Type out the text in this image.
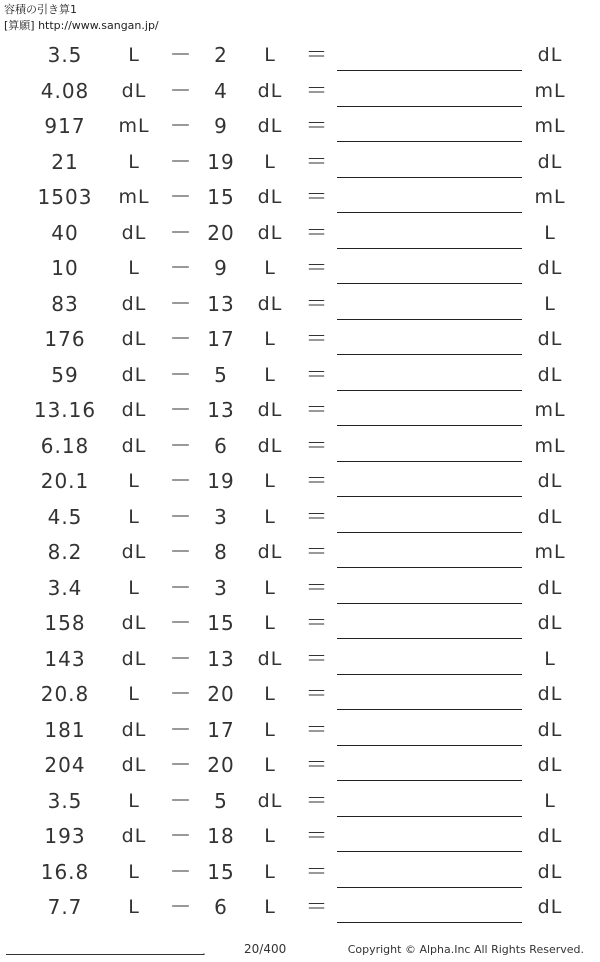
容積の引き算1
[算願] http://www.sangan.jp/
3.5	L	－	2	L	＝	dL
4.08	dL	－	4	dL	＝	mL
917	mL －	9	dL	＝	mL
21	L	－ 19	L	＝	dL
1503	mL － 15	dL	＝	mL
40	dL	－ 20	dL	＝	L
10	L	－	9	L	＝	dL
83	dL	－ 13	dL	＝	L
176	dL	－ 17	L	＝	dL
59	dL	－	5	L	＝	dL
13.16	dL	－ 13	dL	＝	mL
6.18	dL	－	6	dL	＝	mL
20.1	L	－ 19	L	＝	dL
4.5	L	－	3	L	＝	dL
8.2	dL	－	8	dL	＝	mL
3.4	L	－	3	L	＝	dL
158	dL	－ 15	L	＝	dL
143	dL	－ 13	dL	＝	L
20.8	L	－ 20	L	＝	dL
181	dL	－ 17	L	＝	dL
204	dL	－ 20	L	＝	dL
3.5	L	－	5	dL	＝	L
193	dL	－ 18	L	＝	dL
16.8	L	－ 15	L	＝	dL
7.7	L	－	6	L	＝	dL
.	20/400	Copyright © Alpha.Inc All Rights Reserved.
